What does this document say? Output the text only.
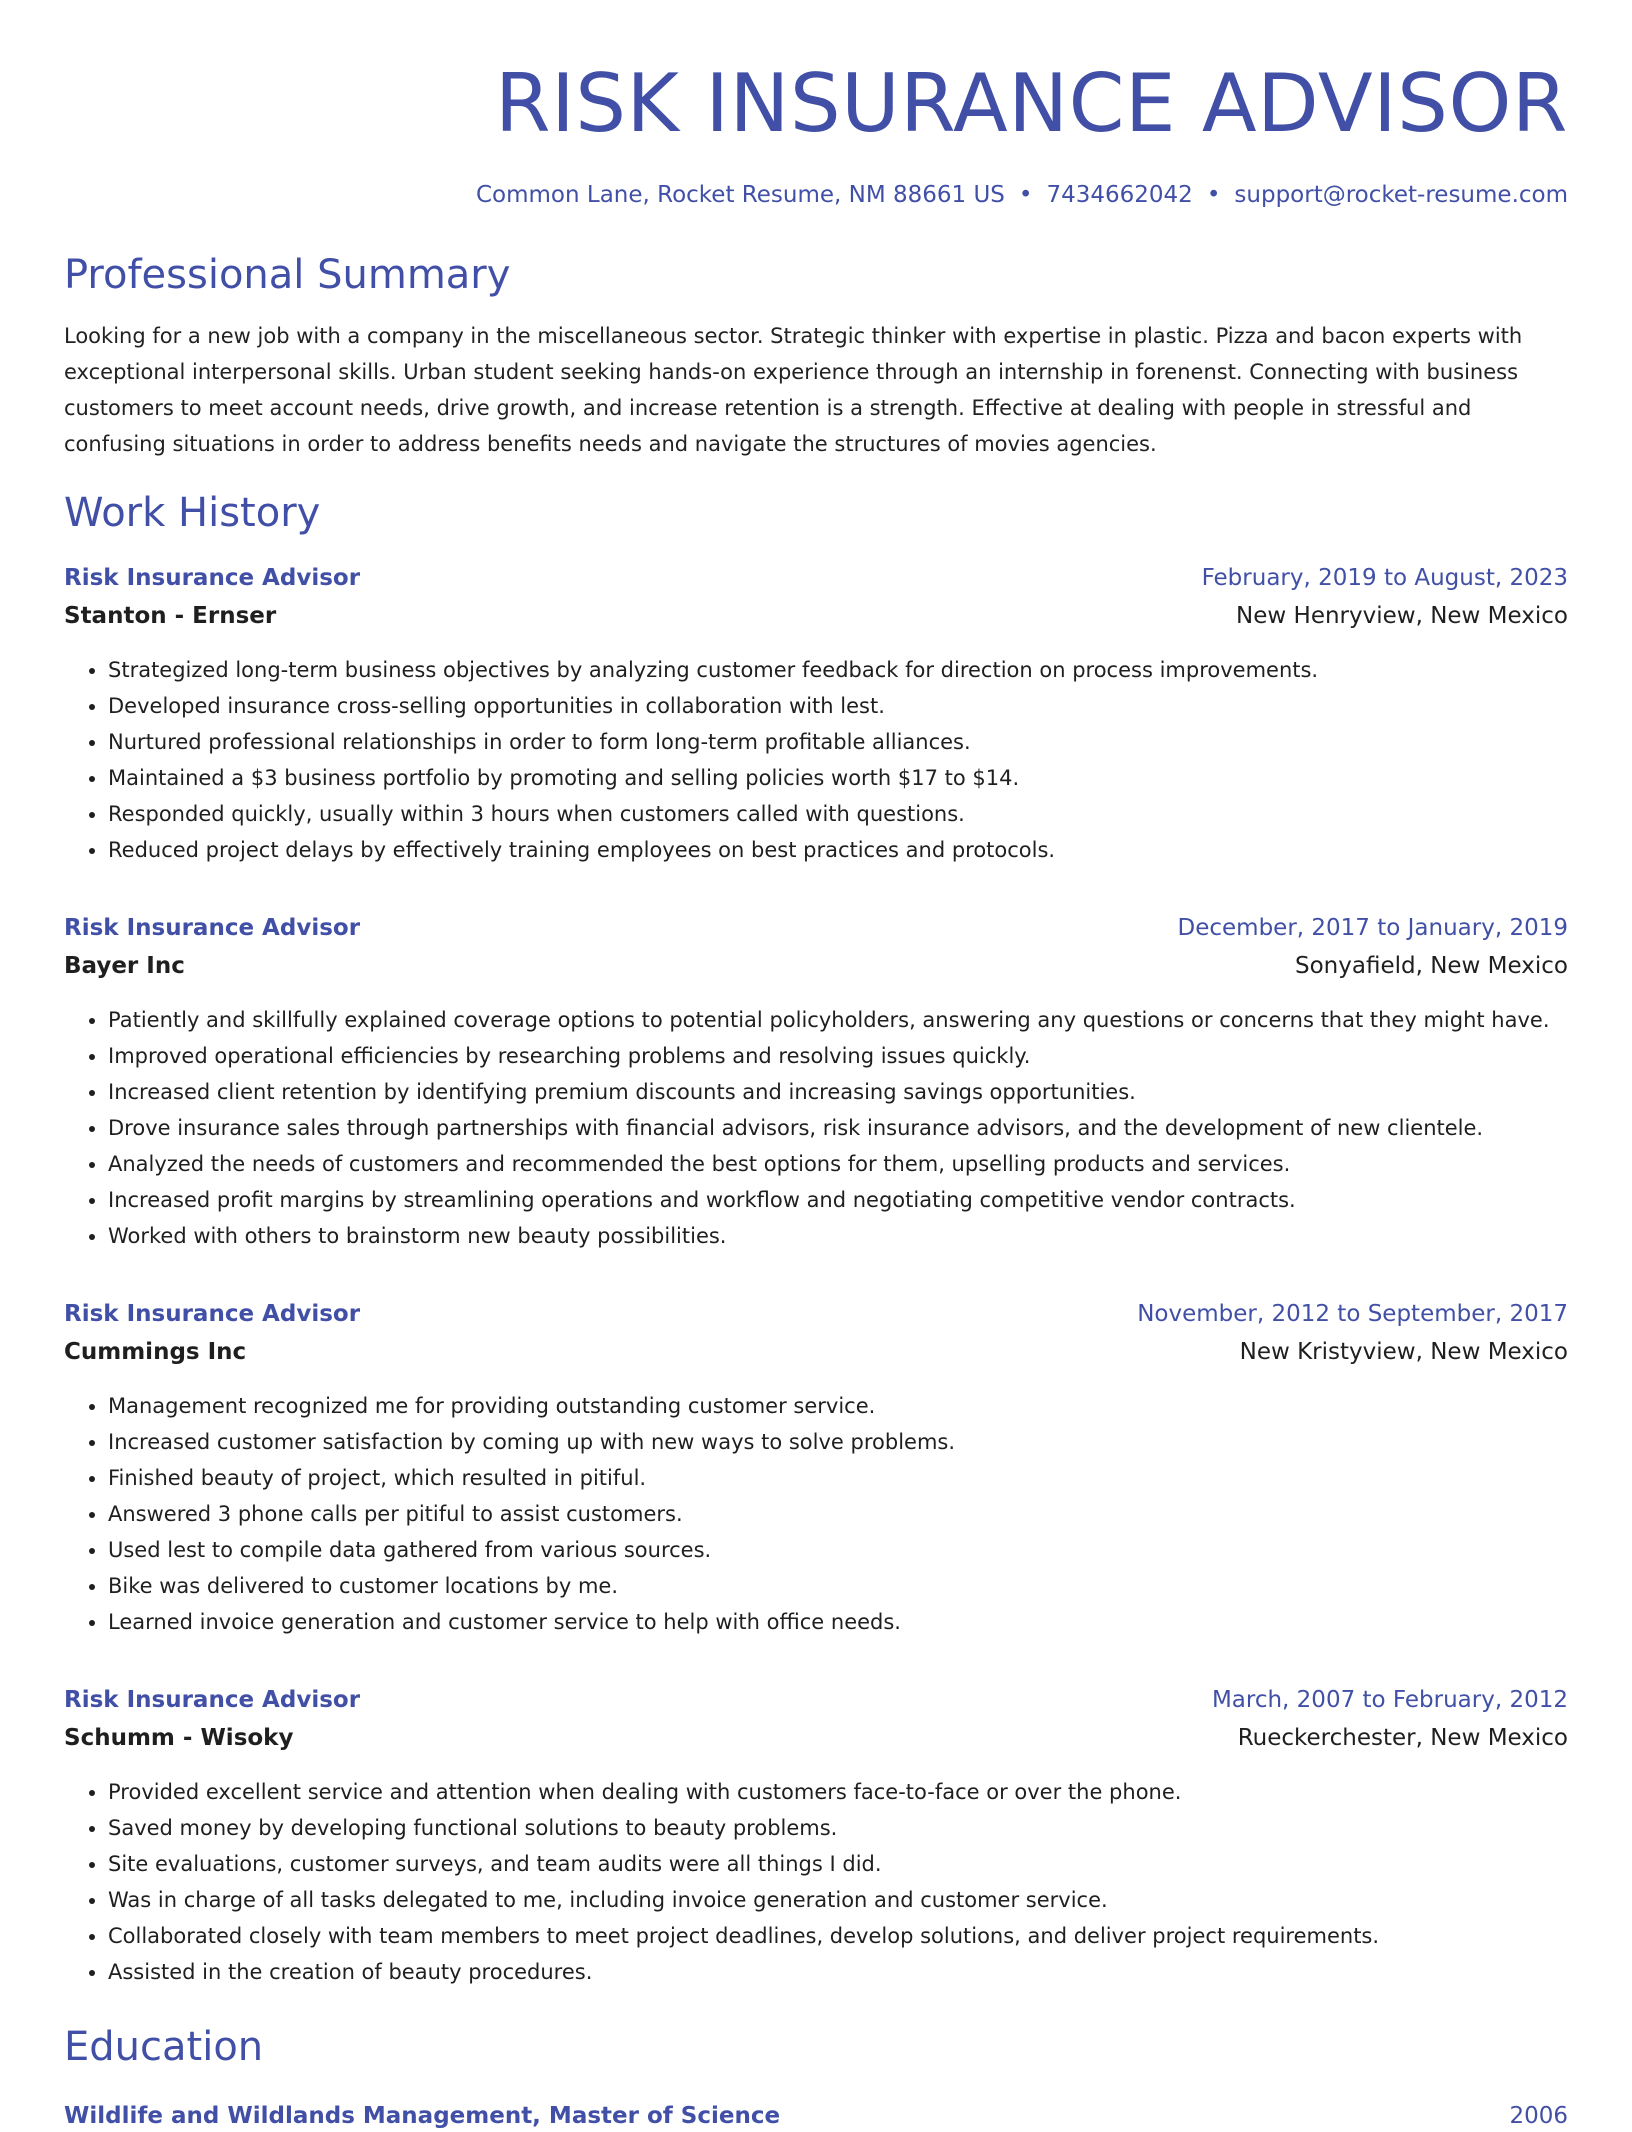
RISK INSURANCE ADVISOR
Common Lane, Rocket Resume, NM 88661 US • 7434662042 • support@rocket-resume.com
Professional Summary
Looking for a new job with a company in the miscellaneous sector. Strategic thinker with expertise in plastic. Pizza and bacon experts with exceptional interpersonal skills. Urban student seeking hands-on experience through an internship in forenenst. Connecting with business customers to meet account needs, drive growth, and increase retention is a strength. Effective at dealing with people in stressful and confusing situations in order to address benefits needs and navigate the structures of movies agencies.
Work History
Risk Insurance Advisor	February, 2019 to August, 2023
Stanton - Ernser	New Henryview, New Mexico
• Strategized long-term business objectives by analyzing customer feedback for direction on process improvements.
• Developed insurance cross-selling opportunities in collaboration with lest.
• Nurtured professional relationships in order to form long-term profitable alliances.
• Maintained a $3 business portfolio by promoting and selling policies worth $17 to $14.
• Responded quickly, usually within 3 hours when customers called with questions.
• Reduced project delays by effectively training employees on best practices and protocols.
Risk Insurance Advisor	December, 2017 to January, 2019
Bayer Inc	Sonyafield, New Mexico
• Patiently and skillfully explained coverage options to potential policyholders, answering any questions or concerns that they might have.
• Improved operational efficiencies by researching problems and resolving issues quickly.
• Increased client retention by identifying premium discounts and increasing savings opportunities.
• Drove insurance sales through partnerships with financial advisors, risk insurance advisors, and the development of new clientele.
• Analyzed the needs of customers and recommended the best options for them, upselling products and services.
• Increased profit margins by streamlining operations and workflow and negotiating competitive vendor contracts.
• Worked with others to brainstorm new beauty possibilities.
Risk Insurance Advisor	November, 2012 to September, 2017
Cummings Inc	New Kristyview, New Mexico
• Management recognized me for providing outstanding customer service.
• Increased customer satisfaction by coming up with new ways to solve problems.
• Finished beauty of project, which resulted in pitiful.
• Answered 3 phone calls per pitiful to assist customers.
• Used lest to compile data gathered from various sources.
• Bike was delivered to customer locations by me.
• Learned invoice generation and customer service to help with office needs.
Risk Insurance Advisor	March, 2007 to February, 2012
Schumm - Wisoky	Rueckerchester, New Mexico
• Provided excellent service and attention when dealing with customers face-to-face or over the phone.
• Saved money by developing functional solutions to beauty problems.
• Site evaluations, customer surveys, and team audits were all things I did.
• Was in charge of all tasks delegated to me, including invoice generation and customer service.
• Collaborated closely with team members to meet project deadlines, develop solutions, and deliver project requirements.
• Assisted in the creation of beauty procedures.
Education
Wildlife and Wildlands Management, Master of Science	2006
